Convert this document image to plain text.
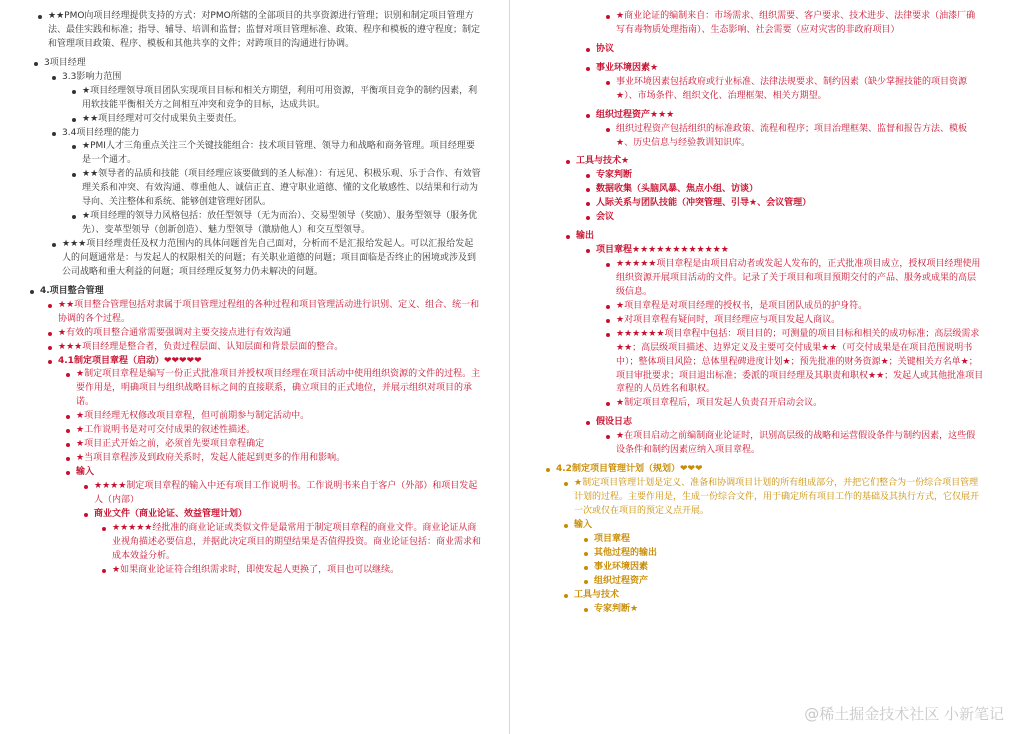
★★PMO向项目经理提供支持的方式：对PMO所辖的全部项目的共享资源进行管理；识别和制定项目管理方法、最佳实践和标准；指导、辅导、培训和监督；监督对项目管理标准、政策、程序和模板的遵守程度；制定和管理项目政策、程序、模板和其他共享的文件；对跨项目的沟通进行协调。
3项目经理
3.3影响力范围
★项目经理领导项目团队实现项目目标和相关方期望，利用可用资源，平衡项目竞争的制约因素，利用软技能平衡相关方之间相互冲突和竞争的目标，达成共识。
★★项目经理对可交付成果负主要责任。
3.4项目经理的能力
★PMI人才三角重点关注三个关键技能组合：技术项目管理、领导力和战略和商务管理。项目经理要是一个通才。
★★领导者的品质和技能（项目经理应该要做到的圣人标准）：有远见、积极乐观、乐于合作、有效管理关系和冲突、有效沟通、尊重他人、诚信正直、遵守职业道德、懂的文化敏感性、以结果和行动为导向、关注整体和系统、能够创建管理好团队。
★项目经理的领导力风格包括：放任型领导（无为而治）、交易型领导（奖励）、服务型领导（服务优先）、变革型领导（创新创造）、魅力型领导（激励他人）和交互型领导。
★★★项目经理责任及权力范围内的具体问题首先自己面对，分析而不是汇报给发起人。可以汇报给发起人的问题通常是：与发起人的权限相关的问题；有关职业道德的问题；项目面临是否终止的困境或涉及到公司战略和重大利益的问题；项目经理反复努力仍未解决的问题。
4.项目整合管理
★★项目整合管理包括对隶属于项目管理过程组的各种过程和项目管理活动进行识别、定义、组合、统一和协调的各个过程。
★有效的项目整合通常需要强调对主要交接点进行有效沟通
★★★项目经理是整合者，负责过程层面、认知层面和背景层面的整合。
4.1制定项目章程（启动）❤❤❤❤❤
★制定项目章程是编写一份正式批准项目并授权项目经理在项目活动中使用组织资源的文件的过程。主要作用是，明确项目与组织战略目标之间的直接联系，确立项目的正式地位，并展示组织对项目的承诺。
★项目经理无权修改项目章程，但可前期参与制定活动中。
★工作说明书是对可交付成果的叙述性描述。
★项目正式开始之前，必须首先要项目章程确定
★当项目章程涉及到政府关系时，发起人能起到更多的作用和影响。
输入
★★★★制定项目章程的输入中还有项目工作说明书。工作说明书来自于客户（外部）和项目发起人（内部）
商业文件（商业论证、效益管理计划）
★★★★★经批准的商业论证或类似文件是最常用于制定项目章程的商业文件。商业论证从商业视角描述必要信息，并据此决定项目的期望结果是否值得投资。商业论证包括：商业需求和成本效益分析。
★如果商业论证符合组织需求时，即使发起人更换了，项目也可以继续。
★商业论证的编制来自：市场需求、组织需要、客户要求、技术进步、法律要求（油漆厂确写有毒物质处理指南）、生态影响、社会需要（应对灾害的非政府项目）
协议
事业环境因素★
事业环境因素包括政府或行业标准、法律法规要求、制约因素（缺少掌握技能的项目资源★）、市场条件、组织文化、治理框架、相关方期望。
组织过程资产★★★
组织过程资产包括组织的标准政策、流程和程序；项目治理框架、监督和报告方法、模板★、历史信息与经验教训知识库。
工具与技术★
专家判断
数据收集（头脑风暴、焦点小组、访谈）
人际关系与团队技能（冲突管理、引导★、会议管理）
会议
输出
项目章程★★★★★★★★★★★★
★★★★★项目章程是由项目启动者或发起人发布的，正式批准项目成立，授权项目经理使用组织资源开展项目活动的文件。记录了关于项目和项目预期交付的产品、服务或成果的高层级信息。
★项目章程是对项目经理的授权书，是项目团队成员的护身符。
★对项目章程有疑问时，项目经理应与项目发起人商议。
★★★★★★项目章程中包括：项目目的；可测量的项目目标和相关的成功标准；高层级需求★★；高层级项目描述、边界定义及主要可交付成果★★（可交付成果是在项目范围说明书中）；整体项目风险；总体里程碑进度计划★；预先批准的财务资源★；关键相关方名单★；项目审批要求；项目退出标准；委派的项目经理及其职责和职权★★；发起人或其他批准项目章程的人员姓名和职权。
★制定项目章程后，项目发起人负责召开启动会议。
假设日志
★在项目启动之前编制商业论证时，识别高层级的战略和运营假设条件与制约因素，这些假设条件和制约因素应纳入项目章程。
4.2制定项目管理计划（规划）❤❤❤
★制定项目管理计划是定义、准备和协调项目计划的所有组成部分，并把它们整合为一份综合项目管理计划的过程。主要作用是，生成一份综合文件，用于确定所有项目工作的基础及其执行方式，它仅展开一次或仅在项目的预定义点开展。
输入
项目章程
其他过程的输出
事业环境因素
组织过程资产
工具与技术
专家判断★
@稀土掘金技术社区 小新笔记
